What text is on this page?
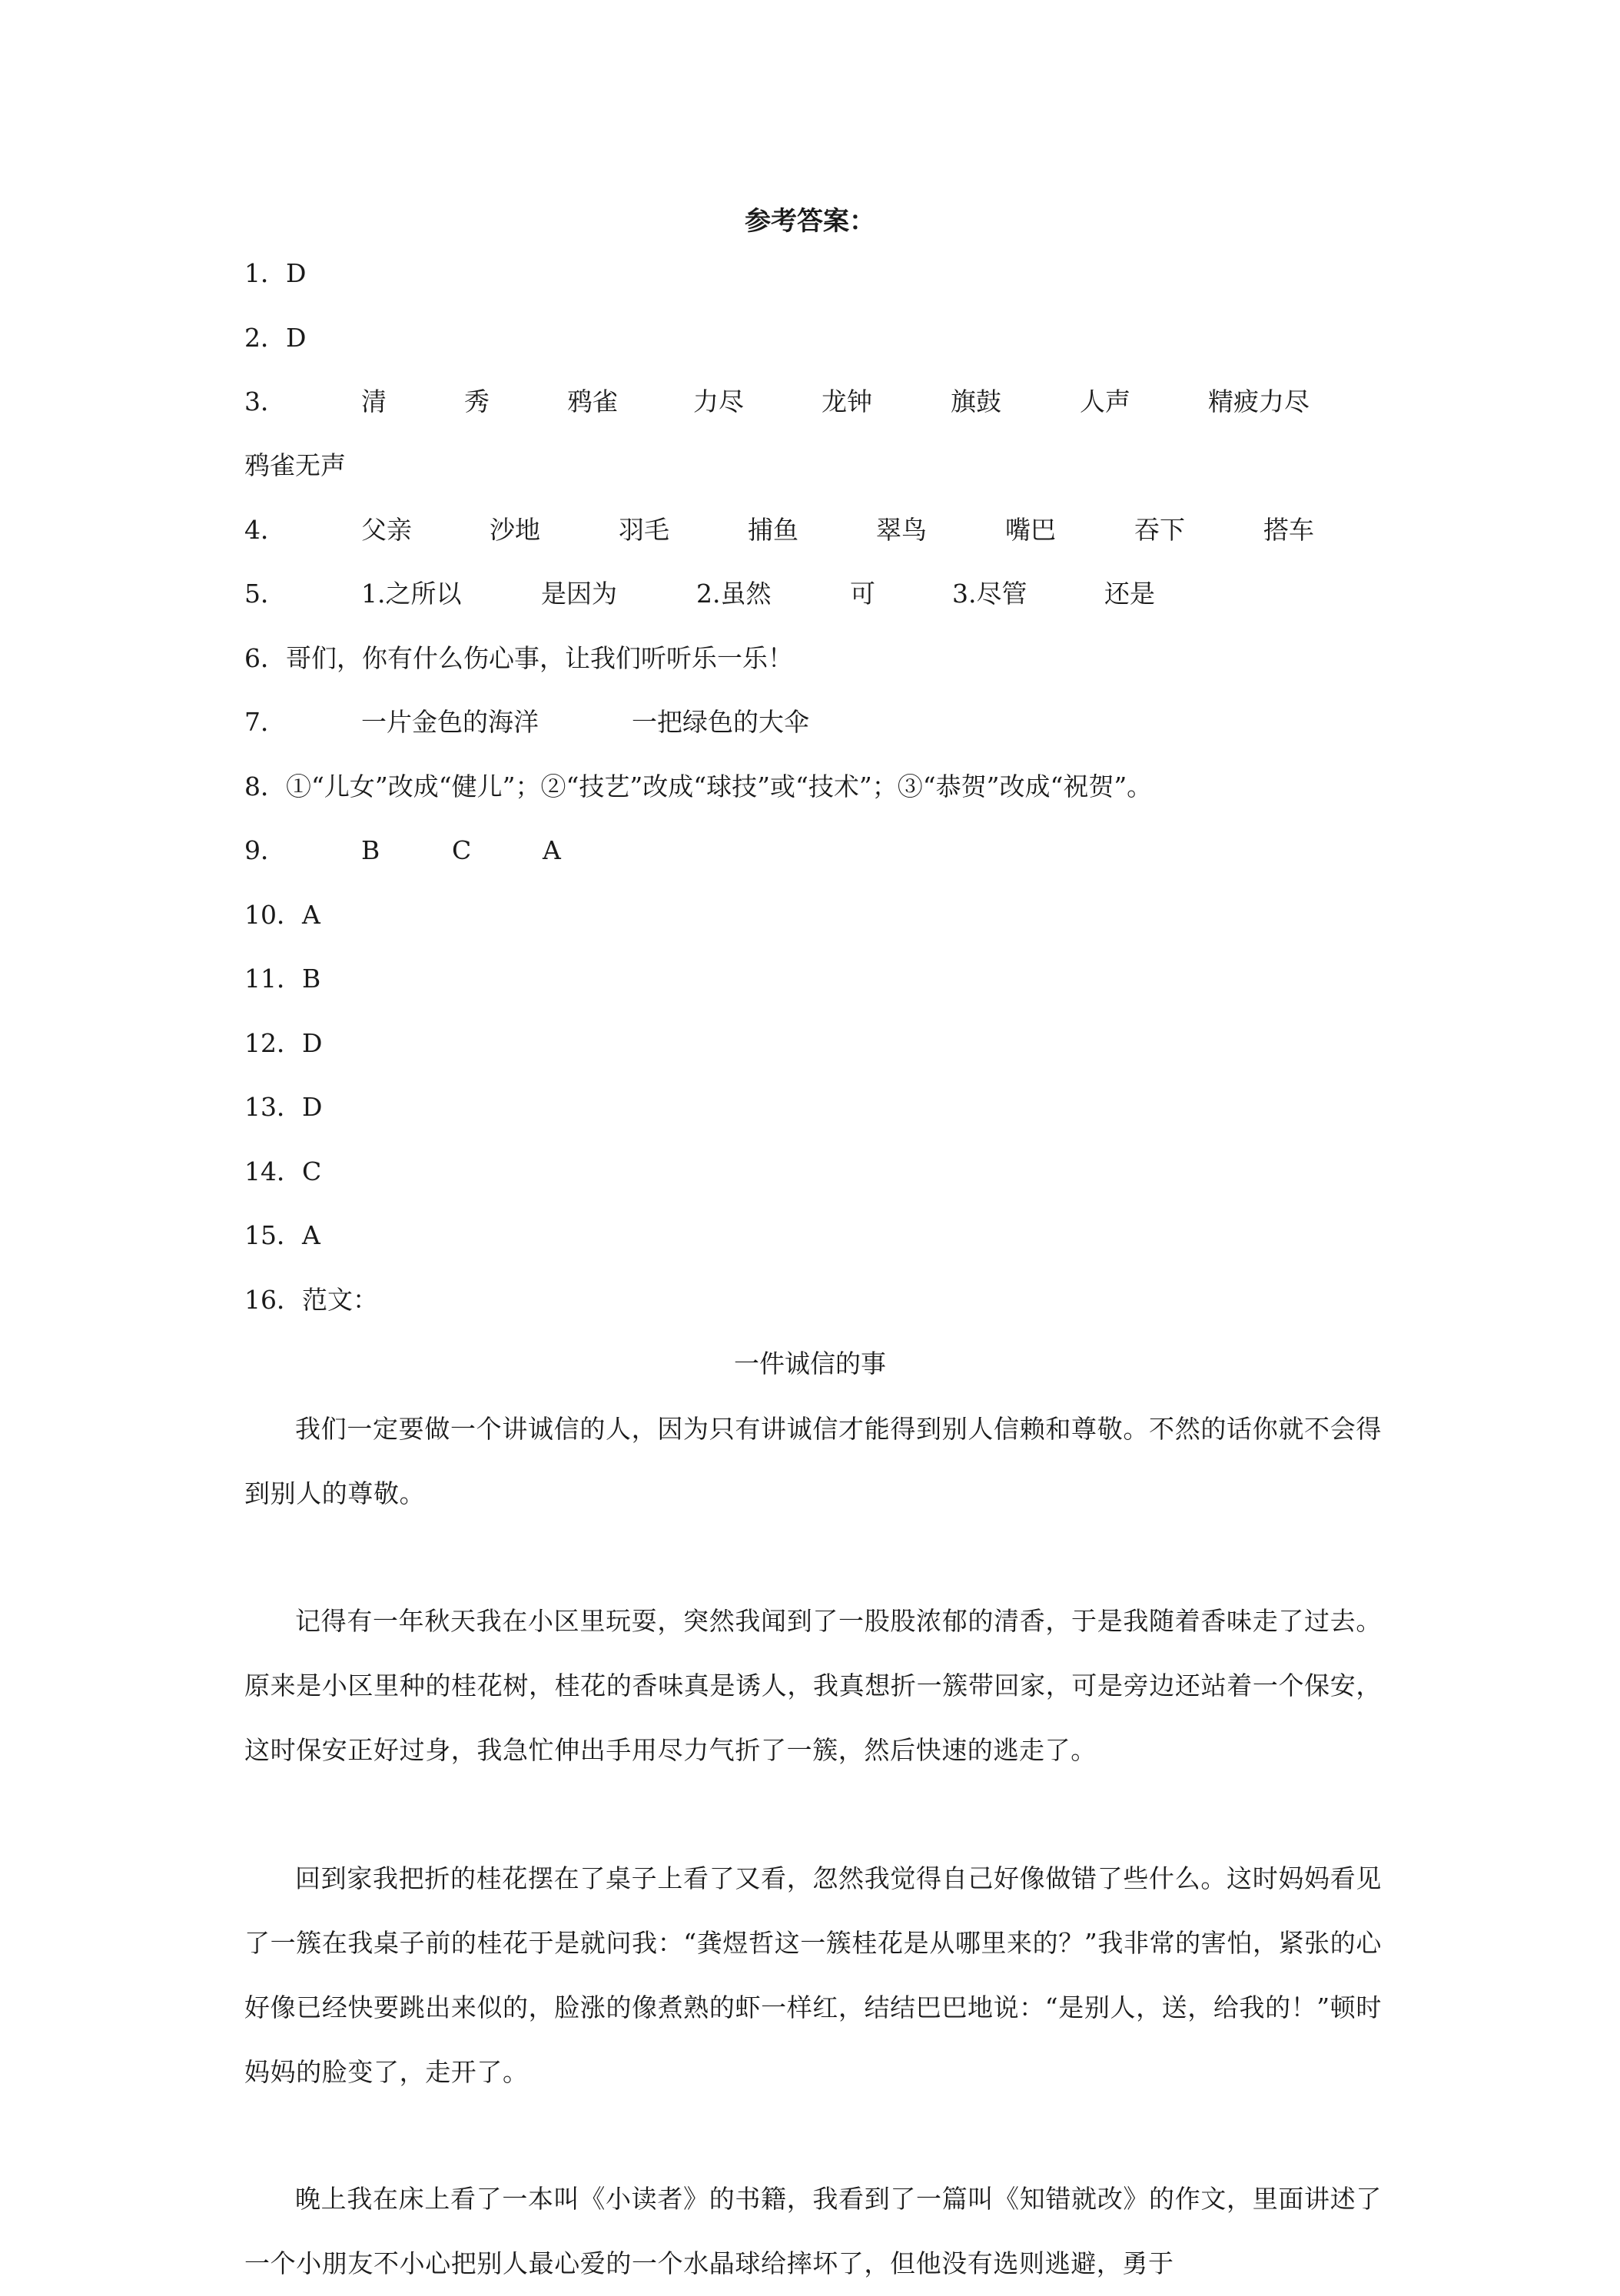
参考答案：
1．D
2．D
3．	清	秀	鸦雀	力尽	龙钟	旗鼓	人声	精疲力尽
鸦雀无声
4．	父亲	沙地	羽毛	捕鱼	翠鸟	嘴巴	吞下	搭车
5．	1.之所以	是因为	2.虽然	可	3.尽管	还是
6．哥们，你有什么伤心事，让我们听听乐一乐！
7．	一片金色的海洋	一把绿色的大伞
8．①“儿女”改成“健儿”；②“技艺”改成“球技”或“技术”；③“恭贺”改成“祝贺”。
9．	B	C	A
10．A
11．B
12．D
13．D
14．C
15．A
16．范文：
一件诚信的事
我们一定要做一个讲诚信的人，因为只有讲诚信才能得到别人信赖和尊敬。不然的话你就不会得到别人的尊敬。
记得有一年秋天我在小区里玩耍，突然我闻到了一股股浓郁的清香，于是我随着香味走了过去。原来是小区里种的桂花树，桂花的香味真是诱人，我真想折一簇带回家，可是旁边还站着一个保安，这时保安正好过身，我急忙伸出手用尽力气折了一簇，然后快速的逃走了。
回到家我把折的桂花摆在了桌子上看了又看，忽然我觉得自己好像做错了些什么。这时妈妈看见了一簇在我桌子前的桂花于是就问我：“龚煜哲这一簇桂花是从哪里来的？”我非常的害怕，紧张的心好像已经快要跳出来似的，脸涨的像煮熟的虾一样红，结结巴巴地说：“是别人，送，给我的！”顿时妈妈的脸变了，走开了。
晚上我在床上看了一本叫《小读者》的书籍，我看到了一篇叫《知错就改》的作文，里面讲述了一个小朋友不小心把别人最心爱的一个水晶球给摔坏了，但他没有选则逃避，勇于
